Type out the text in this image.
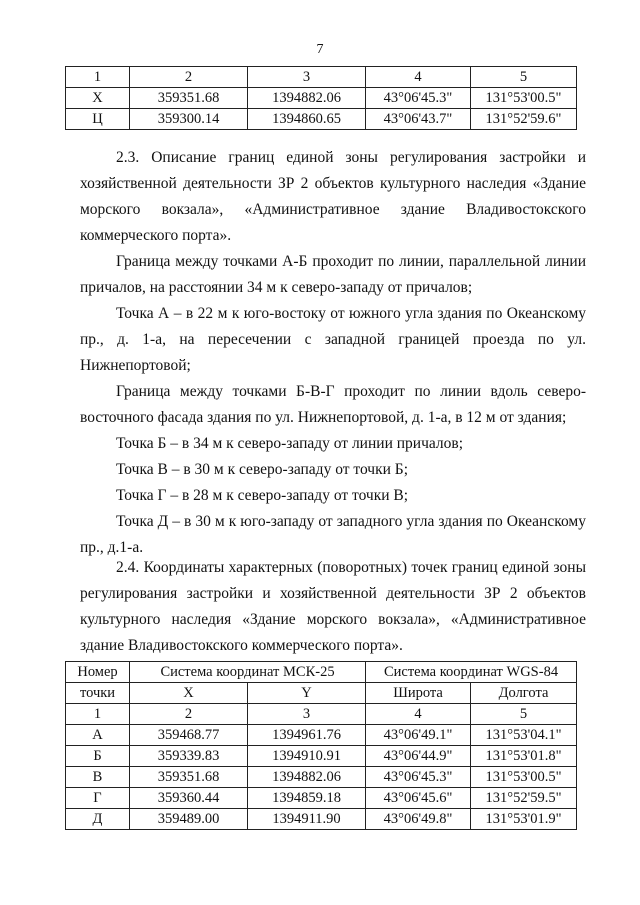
7
1	2	3	4	5
Х	359351.68	1394882.06	43°06'45.3"	131°53'00.5"
Ц	359300.14	1394860.65	43°06'43.7"	131°52'59.6"

2.3. Описание границ единой зоны регулирования застройки и хозяйственной деятельности ЗР 2 объектов культурного наследия «Здание морского вокзала», «Административное здание Владивостокского коммерческого порта».

Граница между точками А-Б проходит по линии, параллельной линии причалов, на расстоянии 34 м к северо-западу от причалов;

Точка А – в 22 м к юго-востоку от южного угла здания по Океанскому пр., д. 1-а, на пересечении с западной границей проезда по ул. Нижнепортовой;

Граница между точками Б-В-Г проходит по линии вдоль северо-восточного фасада здания по ул. Нижнепортовой, д. 1-а, в 12 м от здания;

Точка Б – в 34 м к северо-западу от линии причалов;

Точка В – в 30 м к северо-западу от точки Б;

Точка Г – в 28 м к северо-западу от точки В;

Точка Д – в 30 м к юго-западу от западного угла здания по Океанскому пр., д.1-а.

2.4. Координаты характерных (поворотных) точек границ единой зоны регулирования застройки и хозяйственной деятельности ЗР 2 объектов культурного наследия «Здание морского вокзала», «Административное здание Владивостокского коммерческого порта».

Номер	Система координат МСК-25		Система координат WGS-84	
точки	X	Y	Широта	Долгота
1	2	3	4	5
А	359468.77	1394961.76	43°06'49.1"	131°53'04.1"
Б	359339.83	1394910.91	43°06'44.9"	131°53'01.8"
В	359351.68	1394882.06	43°06'45.3"	131°53'00.5"
Г	359360.44	1394859.18	43°06'45.6"	131°52'59.5"
Д	359489.00	1394911.90	43°06'49.8"	131°53'01.9"
